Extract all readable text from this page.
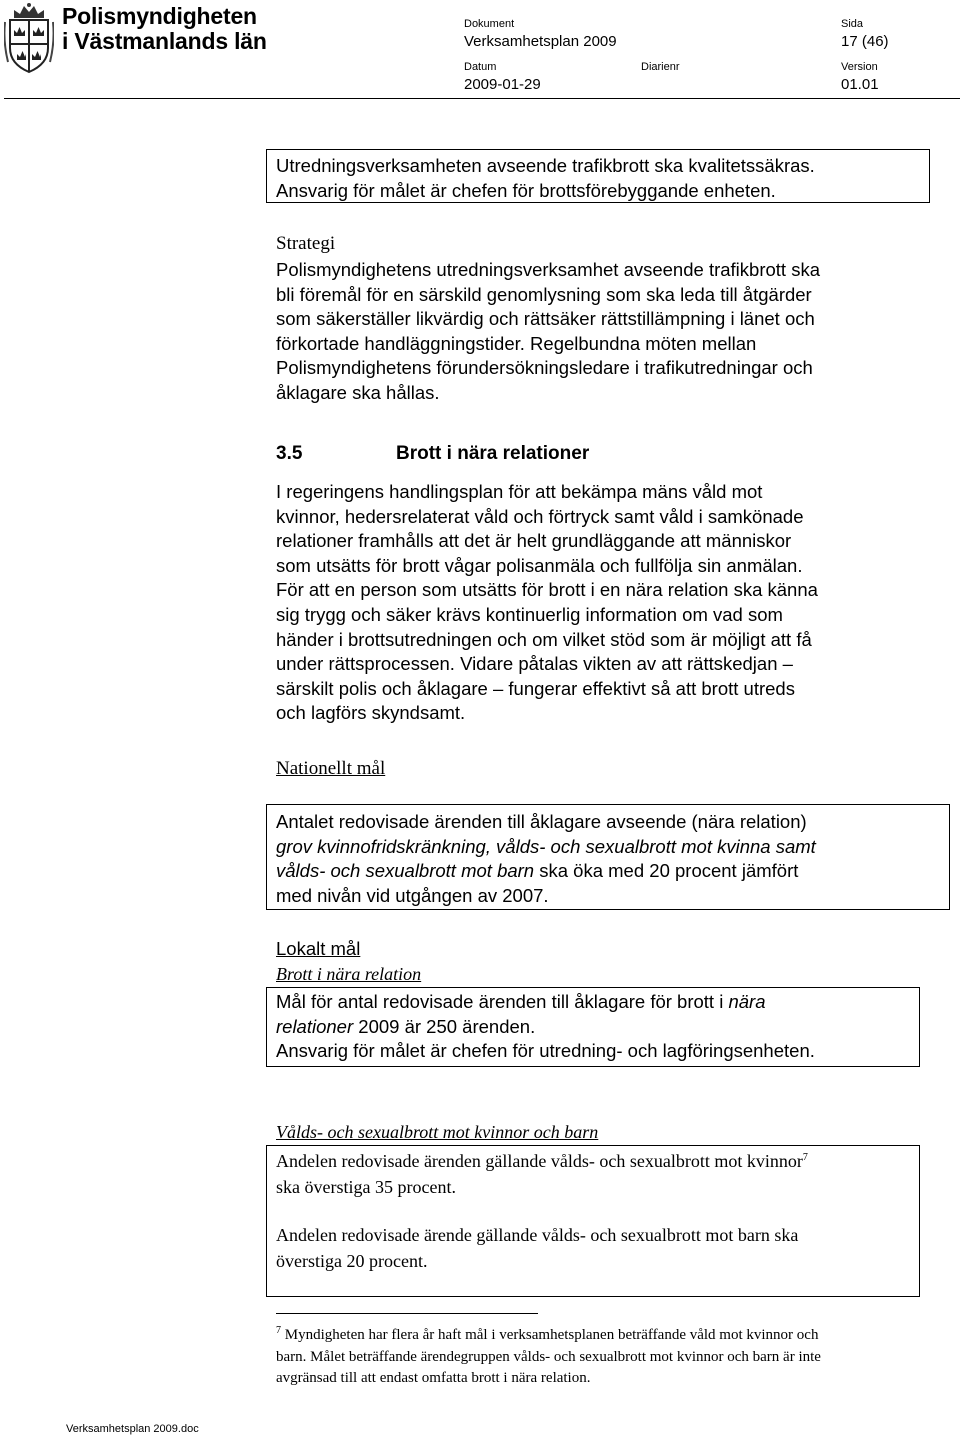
Polismyndigheten
i Västmanlands län
Dokument
Verksamhetsplan 2009
Sida
17 (46)
Datum
2009-01-29
Diarienr	Version
01.01
Utredningsverksamheten avseende trafikbrott ska kvalitetssäkras.
Ansvarig för målet är chefen för brottsförebyggande enheten.
Strategi

Polismyndighetens utredningsverksamhet avseende trafikbrott ska

bli föremål för en särskild genomlysning som ska leda till åtgärder

som säkerställer likvärdig och rättsäker rättstillämpning i länet och

förkortade handläggningstider. Regelbundna möten mellan

Polismyndighetens förundersökningsledare i trafikutredningar och

åklagare ska hållas.

3.5	Brott i nära relationer

I regeringens handlingsplan för att bekämpa mäns våld mot

kvinnor, hedersrelaterat våld och förtryck samt våld i samkönade

relationer framhålls att det är helt grundläggande att människor

som utsätts för brott vågar polisanmäla och fullfölja sin anmälan.

För att en person som utsätts för brott i en nära relation ska känna

sig trygg och säker krävs kontinuerlig information om vad som

händer i brottsutredningen och om vilket stöd som är möjligt att få

under rättsprocessen. Vidare påtalas vikten av att rättskedjan –

särskilt polis och åklagare – fungerar effektivt så att brott utreds

och lagförs skyndsamt.

Nationellt mål
Antalet redovisade ärenden till åklagare avseende (nära relation)
grov kvinnofridskränkning, vålds- och sexualbrott mot kvinna samt
vålds- och sexualbrott mot barn ska öka med 20 procent jämfört
med nivån vid utgången av 2007.
Lokalt mål
Brott i nära relation
Mål för antal redovisade ärenden till åklagare för brott i nära
relationer 2009 är 250 ärenden.
Ansvarig för målet är chefen för utredning- och lagföringsenheten.
Vålds- och sexualbrott mot kvinnor och barn
Andelen redovisade ärenden gällande vålds- och sexualbrott mot kvinnor$^7$
ska överstiga 35 procent.
Andelen redovisade ärende gällande vålds- och sexualbrott mot barn ska
överstiga 20 procent.
$^7$ Myndigheten har flera år haft mål i verksamhetsplanen beträffande våld mot kvinnor och
barn. Målet beträffande ärendegruppen vålds- och sexualbrott mot kvinnor och barn är inte
avgränsad till att endast omfatta brott i nära relation.
Verksamhetsplan 2009.doc
